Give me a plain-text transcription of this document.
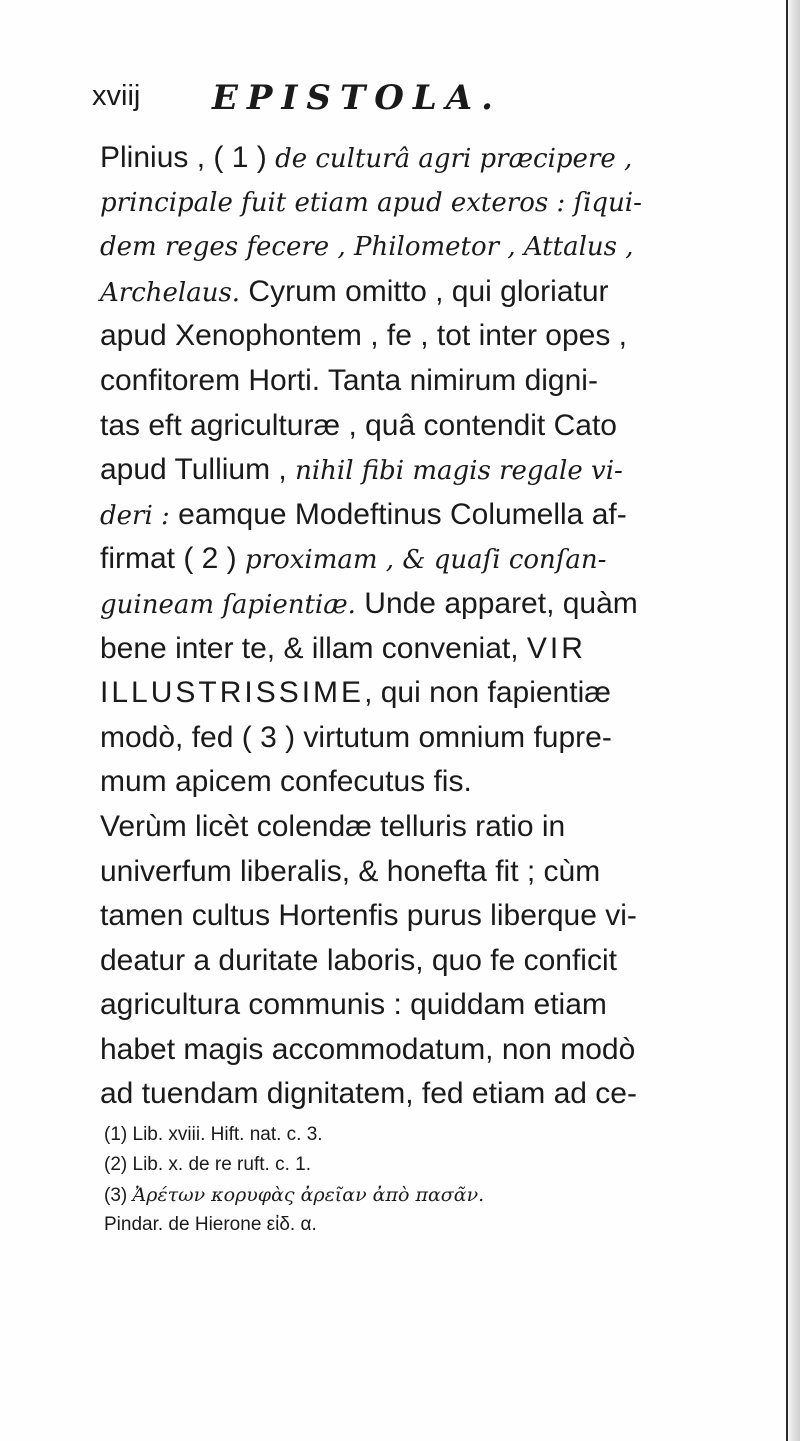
xviij EPISTOLA.
Plinius , ( 1 ) de culturâ agri præcipere ,
principale fuit etiam apud exteros : ſiqui-
dem reges fecere , Philometor , Attalus ,
Archelaus. Cyrum omitto , qui gloriatur
apud Xenophontem , fe , tot inter opes ,
confitorem Horti. Tanta nimirum digni-
tas eft agriculturæ , quâ contendit Cato
apud Tullium , nihil fibi magis regale vi-
deri : eamque Modeftinus Columella af-
firmat ( 2 ) proximam , & quaſi conſan-
guineam ſapientiæ. Unde apparet, quàm
bene inter te, & illam conveniat, VIR
ILLUSTRISSIME, qui non fapientiæ
modò, fed ( 3 ) virtutum omnium fupre-
mum apicem confecutus fis.
Verùm licèt colendæ telluris ratio in
univerfum liberalis, & honefta fit ; cùm
tamen cultus Hortenfis purus liberque vi-
deatur a duritate laboris, quo fe conficit
agricultura communis : quiddam etiam
habet magis accommodatum, non modò
ad tuendam dignitatem, fed etiam ad ce-
(1) Lib. xviii. Hift. nat. c. 3.
(2) Lib. x. de re ruft. c. 1.
(3) Ἀρέτων κορυφὰς ἀρεῖαν ἀπὸ πασᾶν.
Pindar. de Hierone εἰδ. α.
